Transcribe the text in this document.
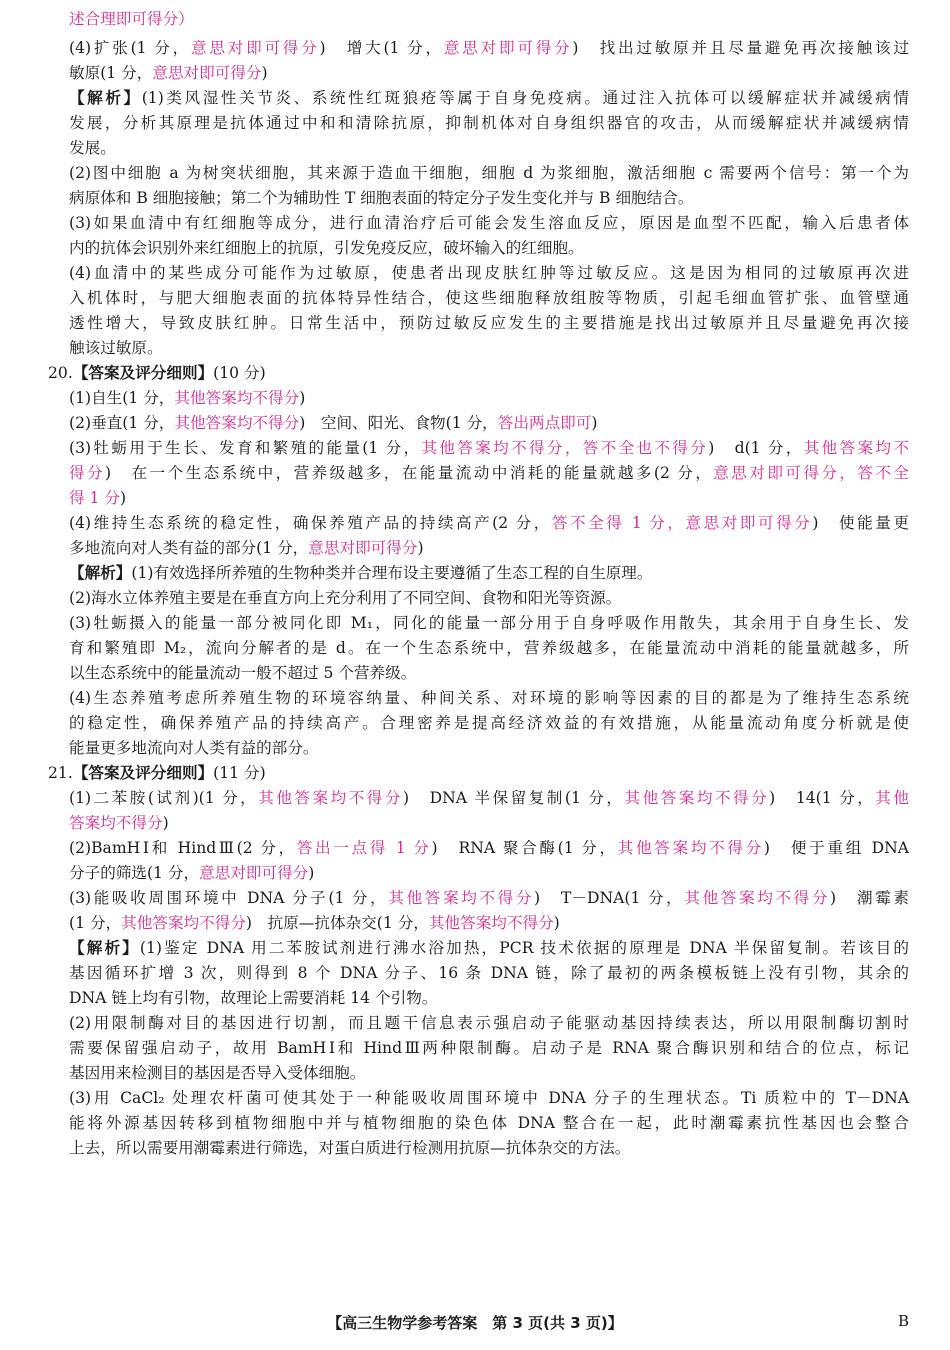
述合理即可得分）
(4)扩张(1 分，意思对即可得分)　增大(1 分，意思对即可得分)　找出过敏原并且尽量避免再次接触该过
敏原(1 分，意思对即可得分)
【解析】(1)类风湿性关节炎、系统性红斑狼疮等属于自身免疫病。通过注入抗体可以缓解症状并减缓病情
发展，分析其原理是抗体通过中和和清除抗原，抑制机体对自身组织器官的攻击，从而缓解症状并减缓病情
发展。
(2)图中细胞 a 为树突状细胞，其来源于造血干细胞，细胞 d 为浆细胞，激活细胞 c 需要两个信号：第一个为
病原体和 B 细胞接触；第二个为辅助性 T 细胞表面的特定分子发生变化并与 B 细胞结合。
(3)如果血清中有红细胞等成分，进行血清治疗后可能会发生溶血反应，原因是血型不匹配，输入后患者体
内的抗体会识别外来红细胞上的抗原，引发免疫反应，破坏输入的红细胞。
(4)血清中的某些成分可能作为过敏原，使患者出现皮肤红肿等过敏反应。这是因为相同的过敏原再次进
入机体时，与肥大细胞表面的抗体特异性结合，使这些细胞释放组胺等物质，引起毛细血管扩张、血管壁通
透性增大，导致皮肤红肿。日常生活中，预防过敏反应发生的主要措施是找出过敏原并且尽量避免再次接
触该过敏原。
20.【答案及评分细则】(10 分)
(1)自生(1 分，其他答案均不得分)
(2)垂直(1 分，其他答案均不得分)　空间、阳光、食物(1 分，答出两点即可)
(3)牡蛎用于生长、发育和繁殖的能量(1 分，其他答案均不得分，答不全也不得分)　d(1 分，其他答案均不
得分)　在一个生态系统中，营养级越多，在能量流动中消耗的能量就越多(2 分，意思对即可得分，答不全
得 1 分)
(4)维持生态系统的稳定性，确保养殖产品的持续高产(2 分，答不全得 1 分，意思对即可得分)　使能量更
多地流向对人类有益的部分(1 分，意思对即可得分)
【解析】(1)有效选择所养殖的生物种类并合理布设主要遵循了生态工程的自生原理。
(2)海水立体养殖主要是在垂直方向上充分利用了不同空间、食物和阳光等资源。
(3)牡蛎摄入的能量一部分被同化即 M₁，同化的能量一部分用于自身呼吸作用散失，其余用于自身生长、发
育和繁殖即 M₂，流向分解者的是 d。在一个生态系统中，营养级越多，在能量流动中消耗的能量就越多，所
以生态系统中的能量流动一般不超过 5 个营养级。
(4)生态养殖考虑所养殖生物的环境容纳量、种间关系、对环境的影响等因素的目的都是为了维持生态系统
的稳定性，确保养殖产品的持续高产。合理密养是提高经济效益的有效措施，从能量流动角度分析就是使
能量更多地流向对人类有益的部分。
21.【答案及评分细则】(11 分)
(1)二苯胺(试剂)(1 分，其他答案均不得分)　DNA 半保留复制(1 分，其他答案均不得分)　14(1 分，其他
答案均不得分)
(2)BamHⅠ和 HindⅢ(2 分，答出一点得 1 分)　RNA 聚合酶(1 分，其他答案均不得分)　便于重组 DNA
分子的筛选(1 分，意思对即可得分)
(3)能吸收周围环境中 DNA 分子(1 分，其他答案均不得分)　T－DNA(1 分，其他答案均不得分)　潮霉素
(1 分，其他答案均不得分)　抗原—抗体杂交(1 分，其他答案均不得分)
【解析】(1)鉴定 DNA 用二苯胺试剂进行沸水浴加热，PCR 技术依据的原理是 DNA 半保留复制。若该目的
基因循环扩增 3 次，则得到 8 个 DNA 分子、16 条 DNA 链，除了最初的两条模板链上没有引物，其余的
DNA 链上均有引物，故理论上需要消耗 14 个引物。
(2)用限制酶对目的基因进行切割，而且题干信息表示强启动子能驱动基因持续表达，所以用限制酶切割时
需要保留强启动子，故用 BamHⅠ和 HindⅢ两种限制酶。启动子是 RNA 聚合酶识别和结合的位点，标记
基因用来检测目的基因是否导入受体细胞。
(3)用 CaCl₂ 处理农杆菌可使其处于一种能吸收周围环境中 DNA 分子的生理状态。Ti 质粒中的 T－DNA
能将外源基因转移到植物细胞中并与植物细胞的染色体 DNA 整合在一起，此时潮霉素抗性基因也会整合
上去，所以需要用潮霉素进行筛选，对蛋白质进行检测用抗原—抗体杂交的方法。
【高三生物学参考答案　第 3 页(共 3 页)】	B
